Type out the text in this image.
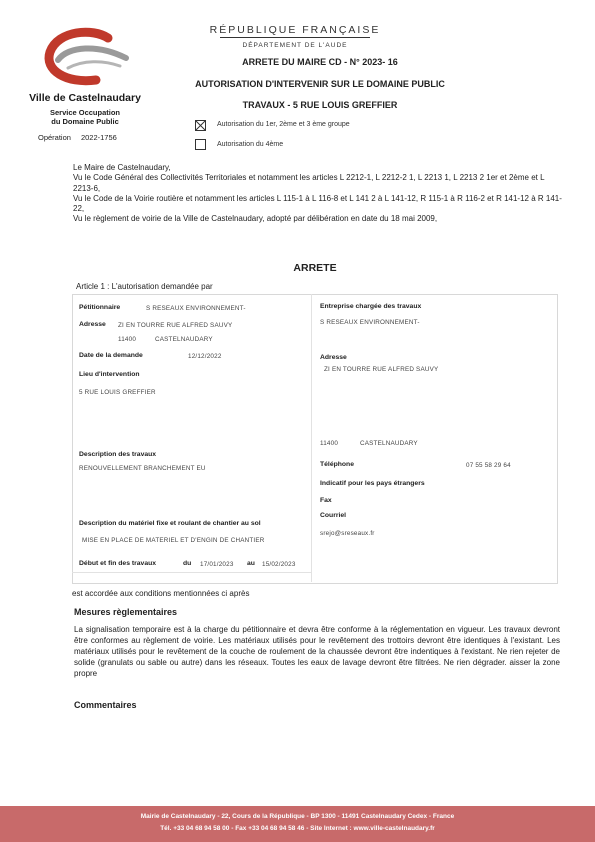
Ville de Castelnaudary
Service Occupation
du Domaine Public
Opération 2022-1756
RÉPUBLIQUE FRANÇAISE
DÉPARTEMENT DE L'AUDE
ARRETE DU MAIRE CD - N° 2023- 16
AUTORISATION D'INTERVENIR SUR LE DOMAINE PUBLIC
TRAVAUX - 5 RUE LOUIS GREFFIER
Autorisation du 1er, 2ème et 3 ème groupe
Autorisation du 4ème

Le Maire de Castelnaudary,

Vu le Code Général des Collectivités Territoriales et notamment les articles L 2212-1, L 2212-2 1, L 2213 1, L 2213 2 1er et 2ème et L 2213-6,

Vu le Code de la Voirie routière et notamment les articles L 115-1 à L 116-8 et L 141 2 à L 141-12, R 115-1 à R 116-2 et R 141-12 à R 141-22,

Vu le règlement de voirie de la Ville de Castelnaudary, adopté par délibération en date du 18 mai 2009,

ARRETE
Article 1 : L'autorisation demandée par
Pétitionnaire	S RESEAUX ENVIRONNEMENT-
Adresse ZI EN TOURRE RUE ALFRED SAUVY
11400	CASTELNAUDARY
Date de la demande	12/12/2022
Lieu d'intervention
5 RUE LOUIS GREFFIER
Description des travaux
RENOUVELLEMENT BRANCHEMENT EU
Description du matériel fixe et roulant de chantier au sol
MISE EN PLACE DE MATERIEL ET D'ENGIN DE CHANTIER
Début et fin des travaux	du 17/01/2023 au 15/02/2023
Entreprise chargée des travaux
S RESEAUX ENVIRONNEMENT-
Adresse
ZI EN TOURRE RUE ALFRED SAUVY
11400	CASTELNAUDARY
Téléphone	07 55 58 29 64
Indicatif pour les pays étrangers
Fax
Courriel
srejo@sreseaux.fr
est accordée aux conditions mentionnées ci après
Mesures règlementaires
La signalisation temporaire est à la charge du pétitionnaire et devra être conforme à la réglementation en vigueur. Les travaux devront être conformes au règlement de voirie. Les matériaux utilisés pour le revêtement des trottoirs devront être identiques à l'existant. Les matériaux utilisés pour le revêtement de la couche de roulement de la chaussée devront être indentiques à l'existant. Ne rien rejeter de solide (granulats ou sable ou autre) dans les réseaux. Toutes les eaux de lavage devront être filtrées. Ne rien dégrader. aisser la zone propre
Commentaires
Mairie de Castelnaudary - 22, Cours de la République - BP 1300 - 11491 Castelnaudary Cedex - France
Tél. +33 04 68 94 58 00 - Fax +33 04 68 94 58 46 - Site Internet : www.ville-castelnaudary.fr
